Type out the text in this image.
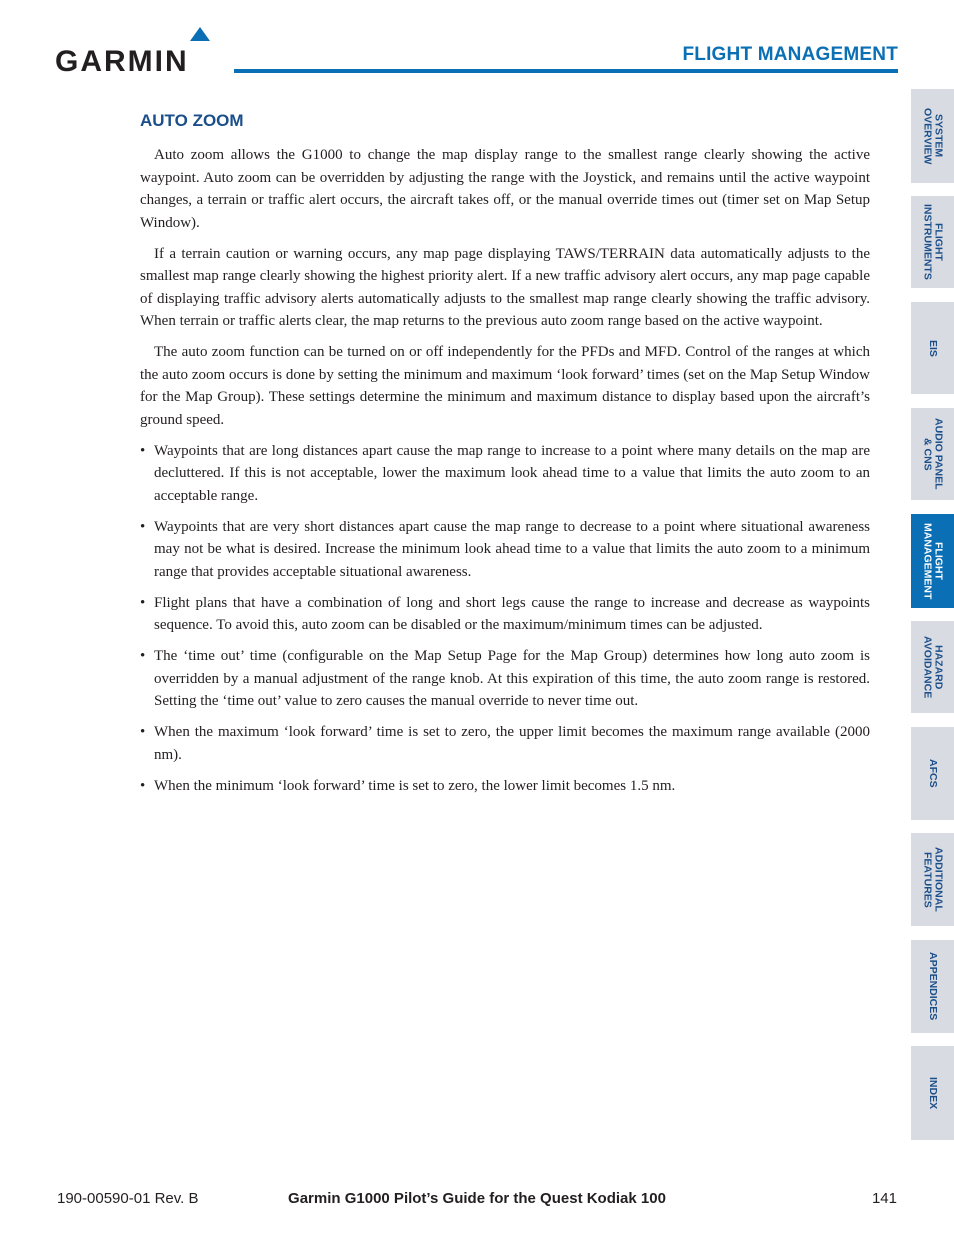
GARMIN	FLIGHT MANAGEMENT
AUTO ZOOM

Auto zoom allows the G1000 to change the map display range to the smallest range clearly showing the active waypoint. Auto zoom can be overridden by adjusting the range with the Joystick, and remains until the active waypoint changes, a terrain or traffic alert occurs, the aircraft takes off, or the manual override times out (timer set on Map Setup Window).

If a terrain caution or warning occurs, any map page displaying TAWS/TERRAIN data automatically adjusts to the smallest map range clearly showing the highest priority alert. If a new traffic advisory alert occurs, any map page capable of displaying traffic advisory alerts automatically adjusts to the smallest map range clearly showing the traffic advisory. When terrain or traffic alerts clear, the map returns to the previous auto zoom range based on the active waypoint.

The auto zoom function can be turned on or off independently for the PFDs and MFD. Control of the ranges at which the auto zoom occurs is done by setting the minimum and maximum ‘look forward’ times (set on the Map Setup Window for the Map Group). These settings determine the minimum and maximum distance to display based upon the aircraft’s ground speed.

• Waypoints that are long distances apart cause the map range to increase to a point where many details on the map are decluttered. If this is not acceptable, lower the maximum look ahead time to a value that limits the auto zoom to an acceptable range.
• Waypoints that are very short distances apart cause the map range to decrease to a point where situational awareness may not be what is desired. Increase the minimum look ahead time to a value that limits the auto zoom to a minimum range that provides acceptable situational awareness.
• Flight plans that have a combination of long and short legs cause the range to increase and decrease as waypoints sequence. To avoid this, auto zoom can be disabled or the maximum/minimum times can be adjusted.
• The ‘time out’ time (configurable on the Map Setup Page for the Map Group) determines how long auto zoom is overridden by a manual adjustment of the range knob. At this expiration of this time, the auto zoom range is restored. Setting the ‘time out’ value to zero causes the manual override to never time out.
• When the maximum ‘look forward’ time is set to zero, the upper limit becomes the maximum range available (2000 nm).
• When the minimum ‘look forward’ time is set to zero, the lower limit becomes 1.5 nm.
SYSTEM
OVERVIEW
FLIGHT
INSTRUMENTS
EIS
AUDIO PANEL
& CNS
FLIGHT
MANAGEMENT
HAZARD
AVOIDANCE
AFCS
ADDITIONAL
FEATURES
APPENDICES
INDEX
190-00590-01 Rev. B	Garmin G1000 Pilot’s Guide for the Quest Kodiak 100	141
